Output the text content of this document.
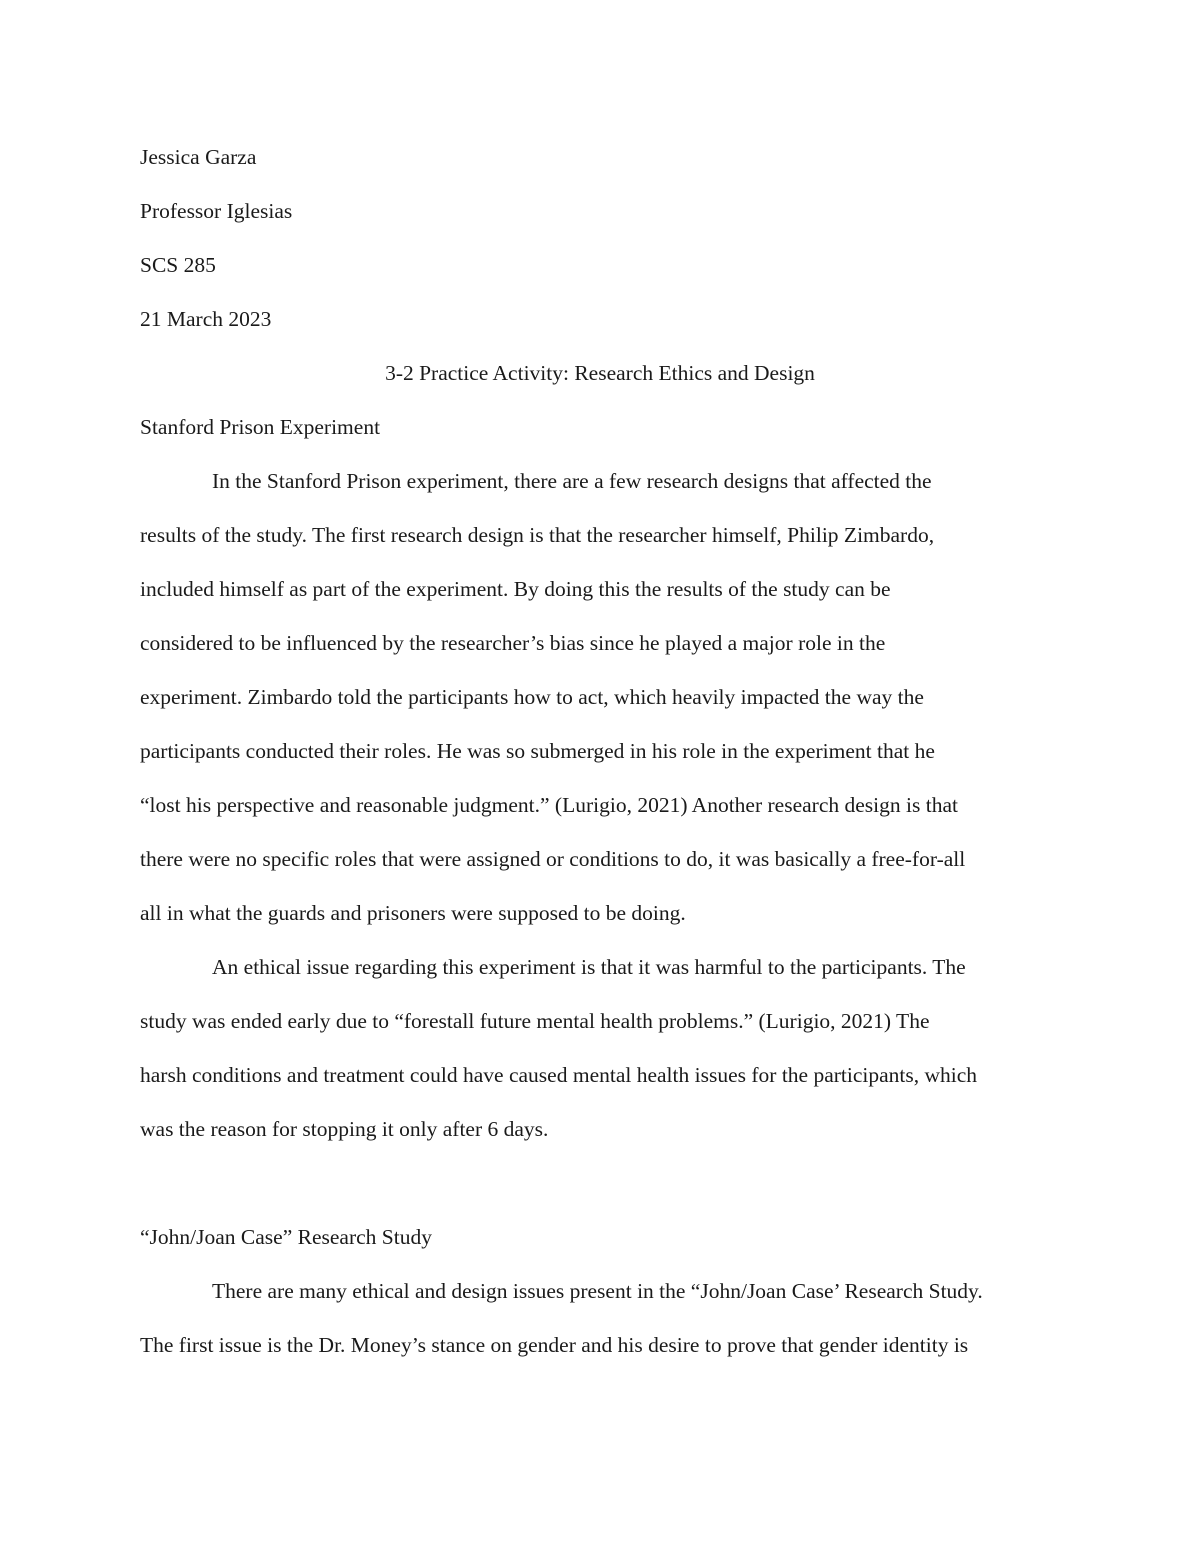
Jessica Garza
Professor Iglesias
SCS 285
21 March 2023
3-2 Practice Activity: Research Ethics and Design
Stanford Prison Experiment
In the Stanford Prison experiment, there are a few research designs that affected the
results of the study. The first research design is that the researcher himself, Philip Zimbardo,
included himself as part of the experiment. By doing this the results of the study can be
considered to be influenced by the researcher’s bias since he played a major role in the
experiment. Zimbardo told the participants how to act, which heavily impacted the way the
participants conducted their roles. He was so submerged in his role in the experiment that he
“lost his perspective and reasonable judgment.” (Lurigio, 2021) Another research design is that
there were no specific roles that were assigned or conditions to do, it was basically a free-for-all
all in what the guards and prisoners were supposed to be doing.
An ethical issue regarding this experiment is that it was harmful to the participants. The
study was ended early due to “forestall future mental health problems.” (Lurigio, 2021) The
harsh conditions and treatment could have caused mental health issues for the participants, which
was the reason for stopping it only after 6 days.
“John/Joan Case” Research Study
There are many ethical and design issues present in the “John/Joan Case’ Research Study.
The first issue is the Dr. Money’s stance on gender and his desire to prove that gender identity is
